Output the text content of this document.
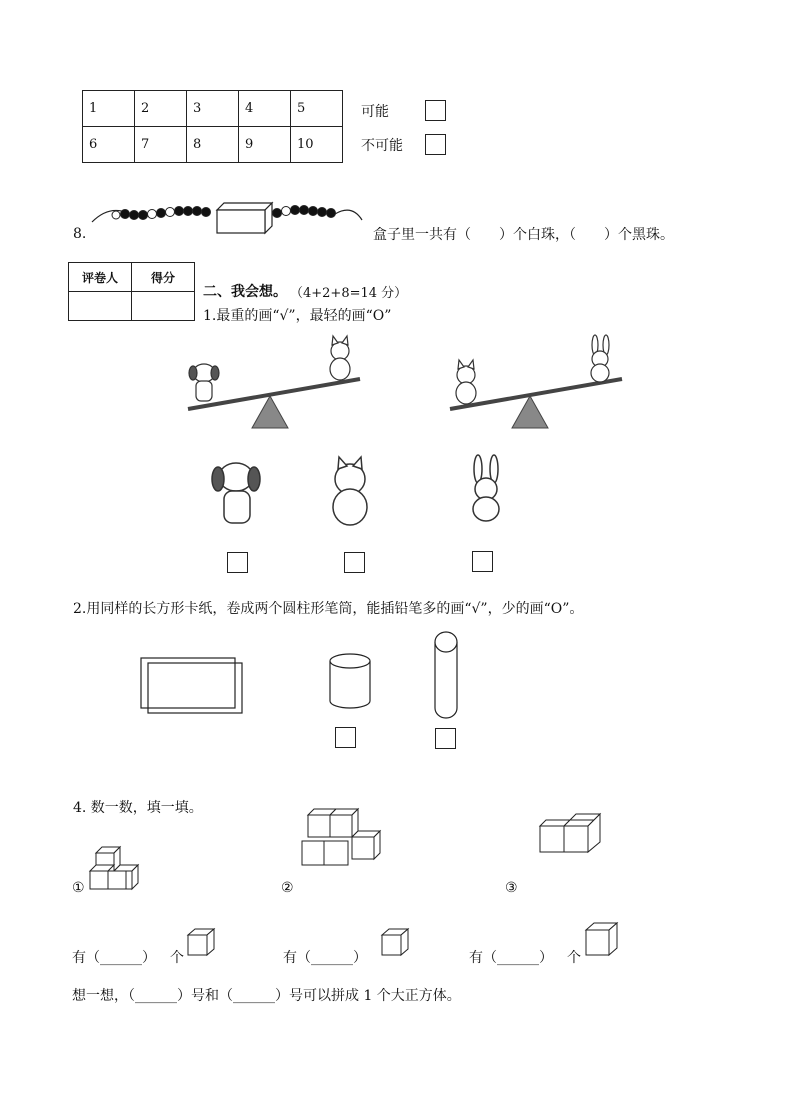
1	2	3	4	5
6	7	8	9	10
可能
不可能
8.	盒子里一共有（　　）个白珠，（　　）个黑珠。
评卷人	得分

二、我会想。 （4+2+8=14 分）
1.最重的画“√”，最轻的画“O”
2.用同样的长方形卡纸，卷成两个圆柱形笔筒，能插铅笔多的画“√”，少的画“O”。
4. 数一数，填一填。
①	②	③
有（______） 个	有（______）	有（______） 个
想一想，（______）号和（______）号可以拼成 1 个大正方体。
